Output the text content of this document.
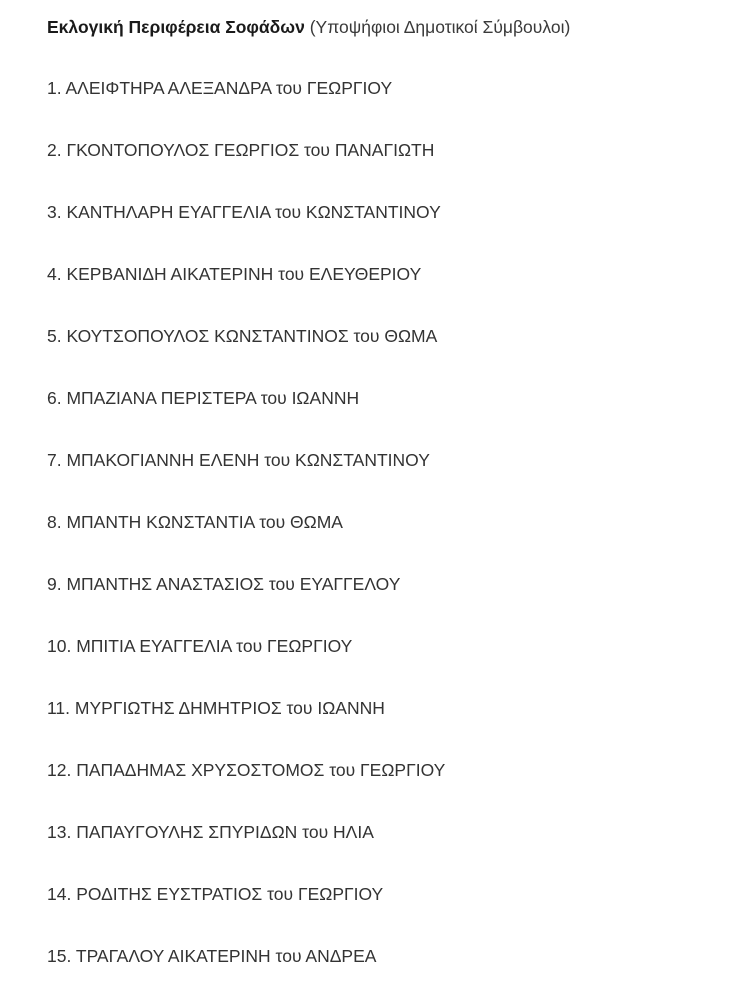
Εκλογική Περιφέρεια Σοφάδων (Υποψήφιοι Δημοτικοί Σύμβουλοι)

1. ΑΛΕΙΦΤΗΡΑ ΑΛΕΞΑΝΔΡΑ του ΓΕΩΡΓΙΟΥ
2. ΓΚΟΝΤΟΠΟΥΛΟΣ ΓΕΩΡΓΙΟΣ του ΠΑΝΑΓΙΩΤΗ
3. ΚΑΝΤΗΛΑΡΗ ΕΥΑΓΓΕΛΙΑ του ΚΩΝΣΤΑΝΤΙΝΟΥ
4. ΚΕΡΒΑΝΙΔΗ ΑΙΚΑΤΕΡΙΝΗ του ΕΛΕΥΘΕΡΙΟΥ
5. ΚΟΥΤΣΟΠΟΥΛΟΣ ΚΩΝΣΤΑΝΤΙΝΟΣ του ΘΩΜΑ
6. ΜΠΑΖΙΑΝΑ ΠΕΡΙΣΤΕΡΑ του ΙΩΑΝΝΗ
7. ΜΠΑΚΟΓΙΑΝΝΗ ΕΛΕΝΗ του ΚΩΝΣΤΑΝΤΙΝΟΥ
8. ΜΠΑΝΤΗ ΚΩΝΣΤΑΝΤΙΑ του ΘΩΜΑ
9. ΜΠΑΝΤΗΣ ΑΝΑΣΤΑΣΙΟΣ του ΕΥΑΓΓΕΛΟΥ
10. ΜΠΙΤΙΑ ΕΥΑΓΓΕΛΙΑ του ΓΕΩΡΓΙΟΥ
11. ΜΥΡΓΙΩΤΗΣ ΔΗΜΗΤΡΙΟΣ του ΙΩΑΝΝΗ
12. ΠΑΠΑΔΗΜΑΣ ΧΡΥΣΟΣΤΟΜΟΣ του ΓΕΩΡΓΙΟΥ
13. ΠΑΠΑΥΓΟΥΛΗΣ ΣΠΥΡΙΔΩΝ του ΗΛΙΑ
14. ΡΟΔΙΤΗΣ ΕΥΣΤΡΑΤΙΟΣ του ΓΕΩΡΓΙΟΥ
15. ΤΡΑΓΑΛΟΥ ΑΙΚΑΤΕΡΙΝΗ του ΑΝΔΡΕΑ
